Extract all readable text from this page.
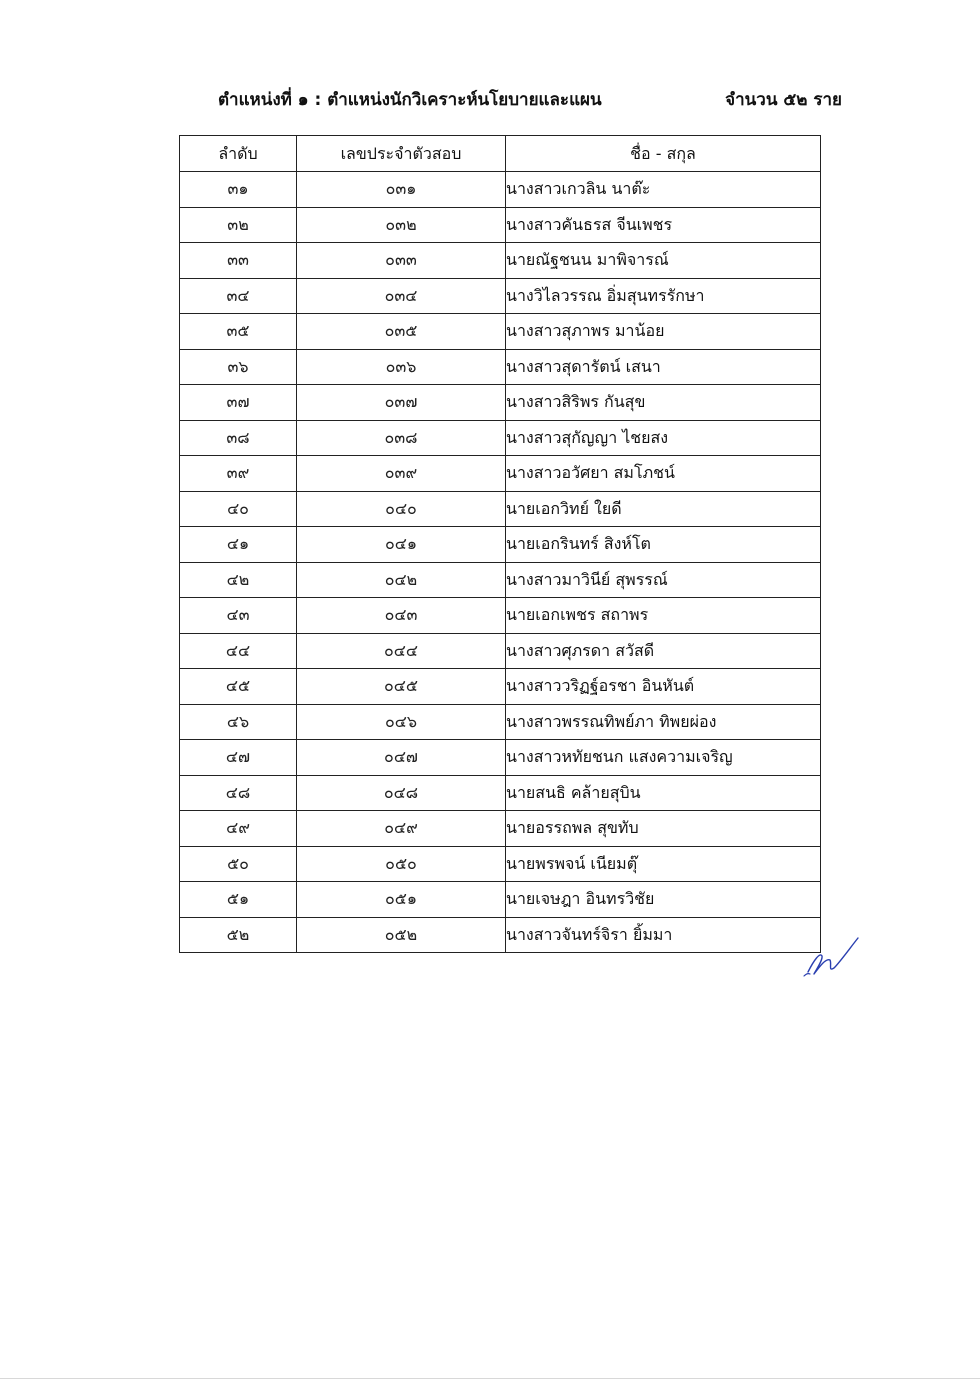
ตำแหน่งที่ ๑ : ตำแหน่งนักวิเคราะห์นโยบายและแผน	จำนวน ๕๒ ราย
ลำดับ	เลขประจำตัวสอบ	ชื่อ - สกุล
๓๑	๐๓๑	นางสาวเกวลิน นาต๊ะ
๓๒	๐๓๒	นางสาวคันธรส จีนเพชร
๓๓	๐๓๓	นายณัฐชนน มาพิจารณ์
๓๔	๐๓๔	นางวิไลวรรณ อิ่มสุนทรรักษา
๓๕	๐๓๕	นางสาวสุภาพร มาน้อย
๓๖	๐๓๖	นางสาวสุดารัตน์ เสนา
๓๗	๐๓๗	นางสาวสิริพร กันสุข
๓๘	๐๓๘	นางสาวสุกัญญา ไชยสง
๓๙	๐๓๙	นางสาวอวัศยา สมโภชน์
๔๐	๐๔๐	นายเอกวิทย์ ใยดี
๔๑	๐๔๑	นายเอกรินทร์ สิงห์โต
๔๒	๐๔๒	นางสาวมาวินีย์ สุพรรณ์
๔๓	๐๔๓	นายเอกเพชร สถาพร
๔๔	๐๔๔	นางสาวศุภรดา สวัสดี
๔๕	๐๔๕	นางสาววริฏฐ์อรชา อินหันต์
๔๖	๐๔๖	นางสาวพรรณทิพย์ภา ทิพยผ่อง
๔๗	๐๔๗	นางสาวหทัยชนก แสงความเจริญ
๔๘	๐๔๘	นายสนธิ คล้ายสุบิน
๔๙	๐๔๙	นายอรรถพล สุขทับ
๕๐	๐๕๐	นายพรพจน์ เนียมตุ๊
๕๑	๐๕๑	นายเจษฎา อินทรวิชัย
๕๒	๐๕๒	นางสาวจันทร์จิรา ยิ้มมา
